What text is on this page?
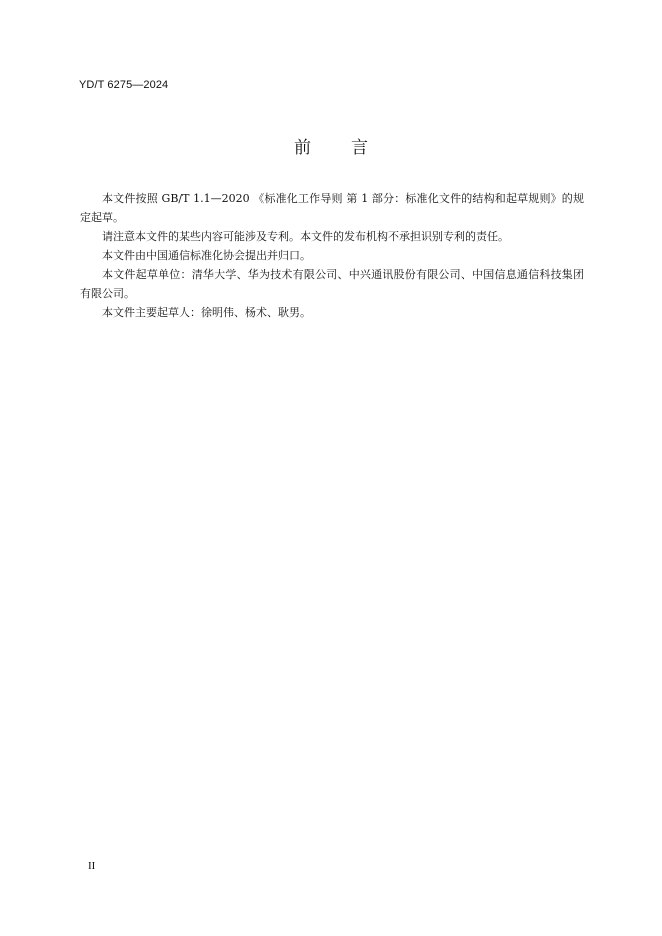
YD/T 6275—2024
前 言

本文件按照 GB/T 1.1—2020 《标准化工作导则 第 1 部分：标准化文件的结构和起草规则》的规定起草。

请注意本文件的某些内容可能涉及专利。本文件的发布机构不承担识别专利的责任。

本文件由中国通信标准化协会提出并归口。

本文件起草单位：清华大学、华为技术有限公司、中兴通讯股份有限公司、中国信息通信科技集团有限公司。

本文件主要起草人：徐明伟、杨术、耿男。

II
